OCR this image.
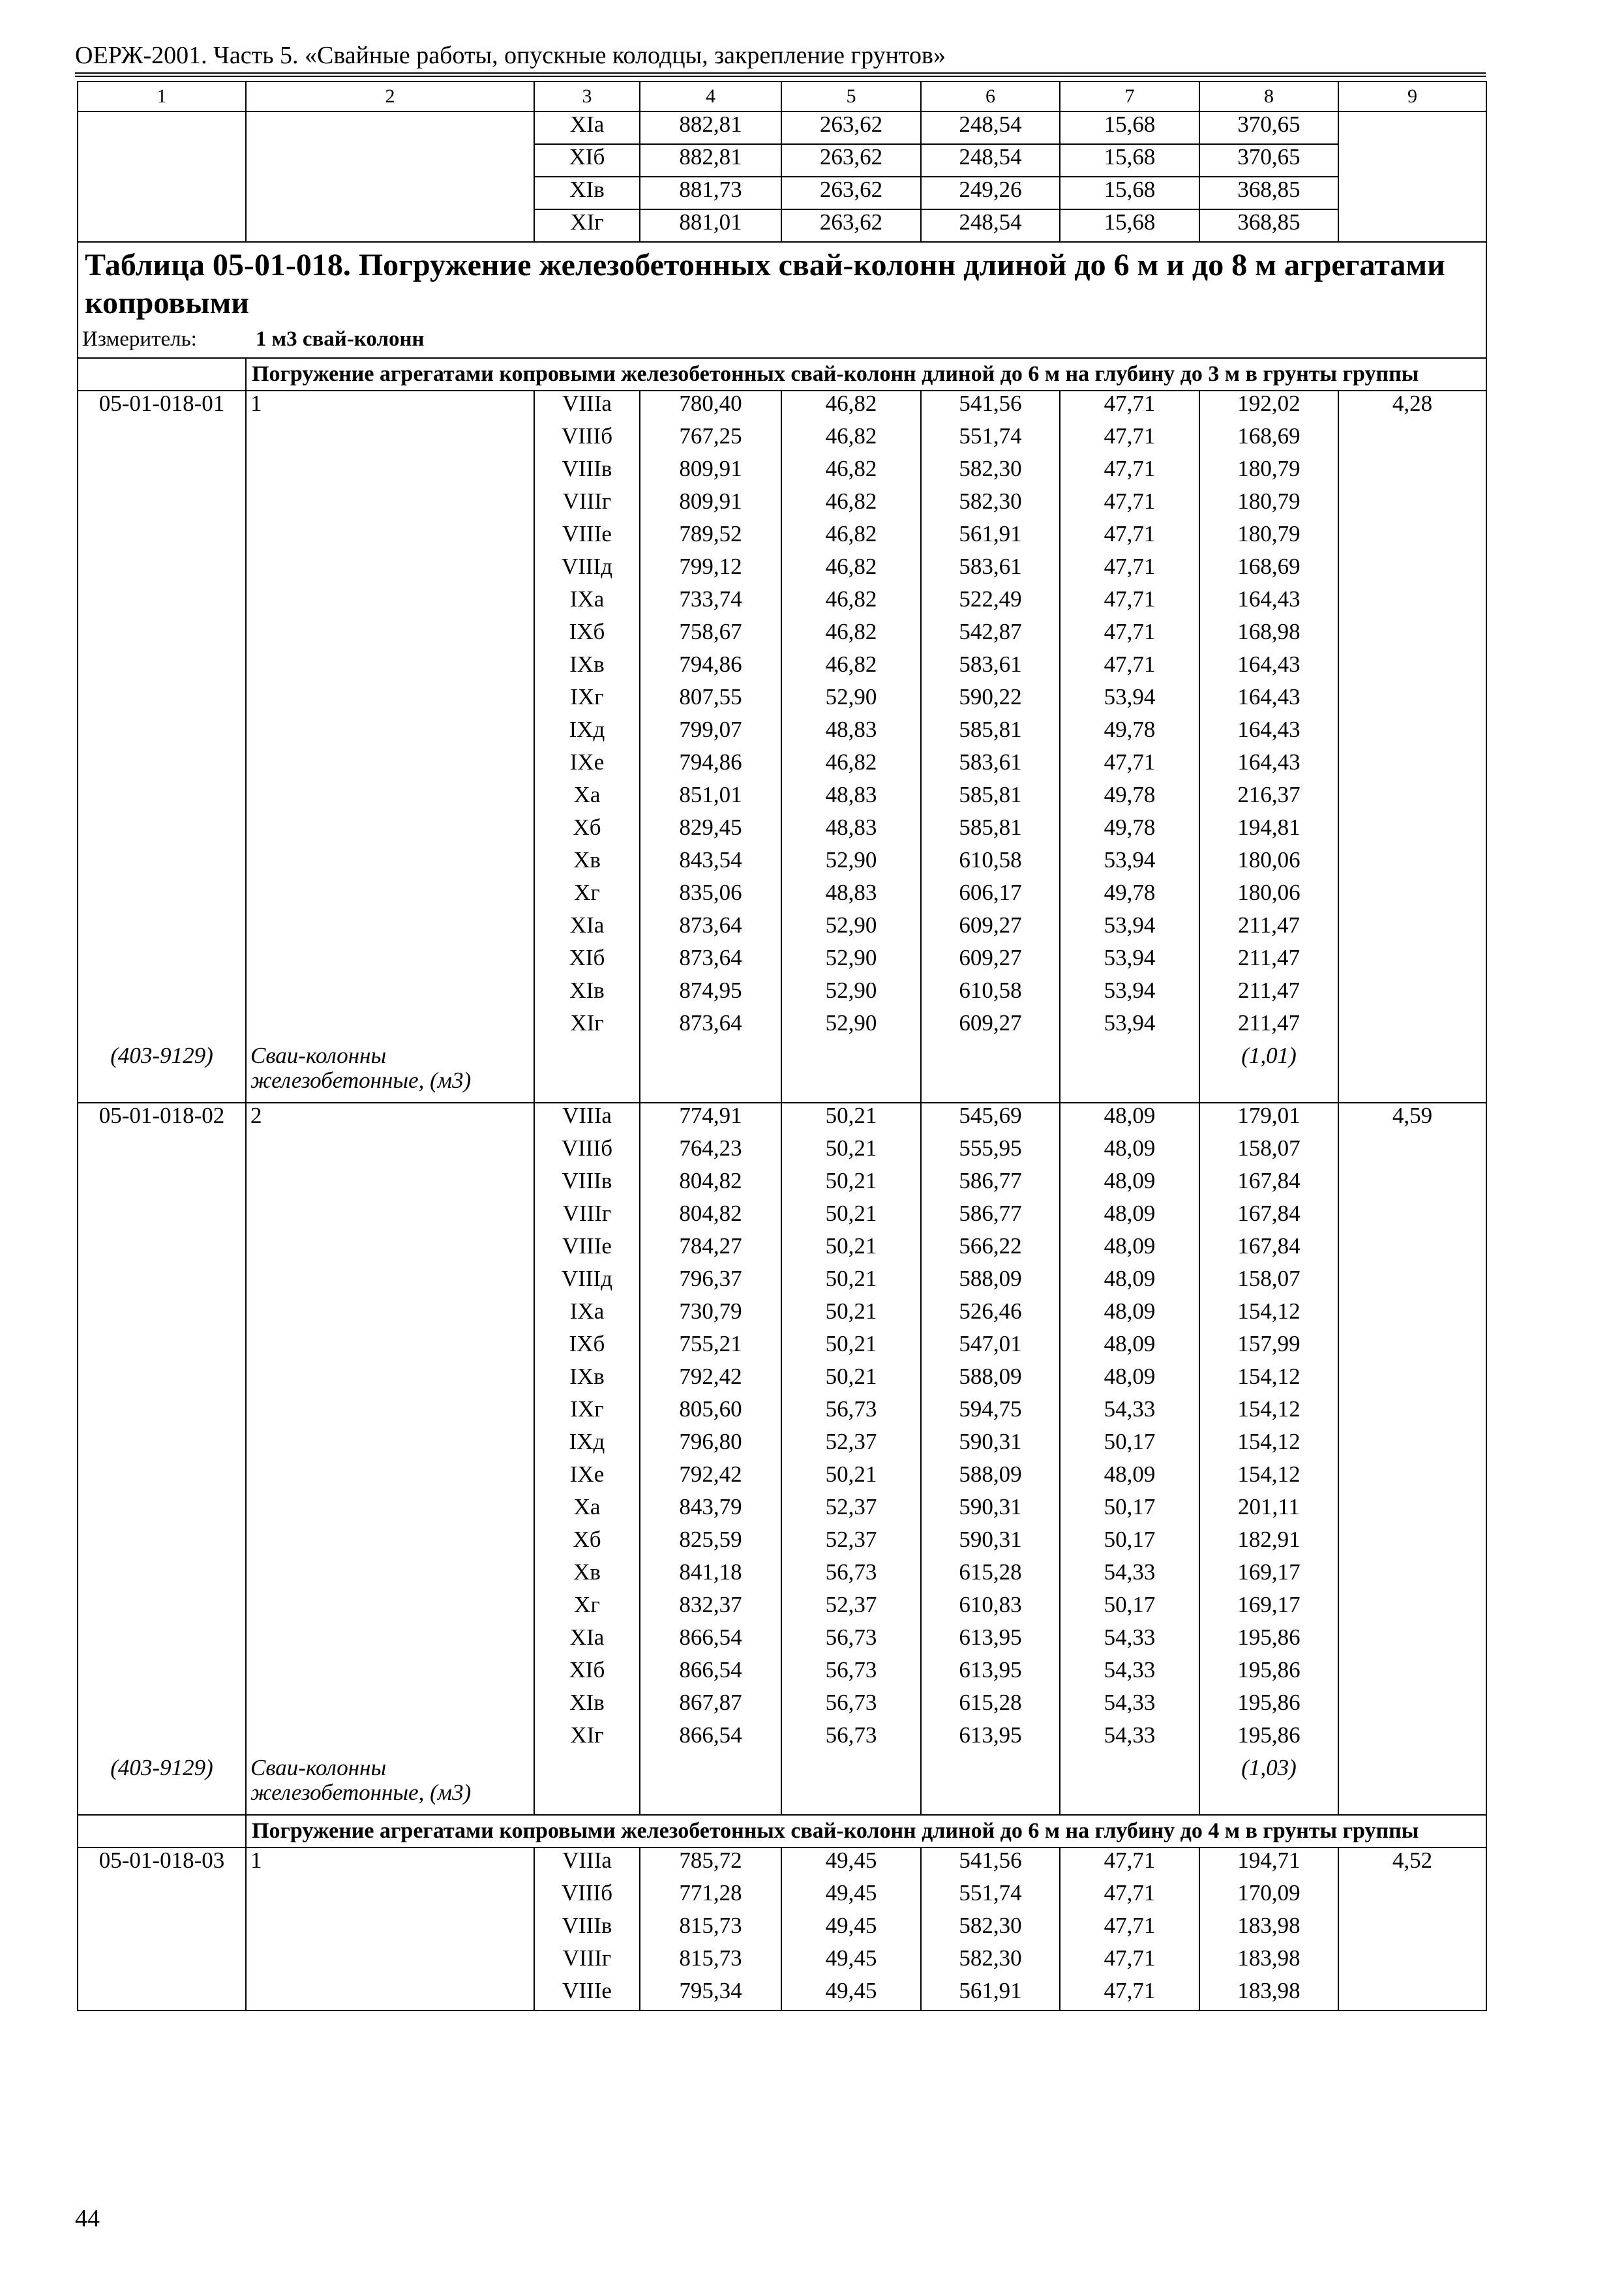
ОЕРЖ-2001. Часть 5. «Свайные работы, опускные колодцы, закрепление грунтов»
1	2	3	4	5	6	7	8	9
		XIa	882,81	263,62	248,54	15,68	370,65	
		XIб	882,81	263,62	248,54	15,68	370,65	
		XIв	881,73	263,62	249,26	15,68	368,85	
		XIг	881,01	263,62	248,54	15,68	368,85	
Таблица 05-01-018. Погружение железобетонных свай-колонн длиной до 6 м и до 8 м агрегатами копровыми								
Измеритель: 1 м3 свай-колонн								
	Погружение агрегатами копровыми железобетонных свай-колонн длиной до 6 м на глубину до 3 м в грунты группы							
05-01-018-01	1	VIIIa	780,40	46,82	541,56	47,71	192,02	4,28
		VIIIб	767,25	46,82	551,74	47,71	168,69	
		VIIIв	809,91	46,82	582,30	47,71	180,79	
		VIIIг	809,91	46,82	582,30	47,71	180,79	
		VIIIe	789,52	46,82	561,91	47,71	180,79	
		VIIIд	799,12	46,82	583,61	47,71	168,69	
		IXa	733,74	46,82	522,49	47,71	164,43	
		IXб	758,67	46,82	542,87	47,71	168,98	
		IXв	794,86	46,82	583,61	47,71	164,43	
		IXг	807,55	52,90	590,22	53,94	164,43	
		IXд	799,07	48,83	585,81	49,78	164,43	
		IXe	794,86	46,82	583,61	47,71	164,43	
		Xa	851,01	48,83	585,81	49,78	216,37	
		Xб	829,45	48,83	585,81	49,78	194,81	
		Xв	843,54	52,90	610,58	53,94	180,06	
		Xг	835,06	48,83	606,17	49,78	180,06	
		XIa	873,64	52,90	609,27	53,94	211,47	
		XIб	873,64	52,90	609,27	53,94	211,47	
		XIв	874,95	52,90	610,58	53,94	211,47	
		XIг	873,64	52,90	609,27	53,94	211,47	
(403-9129)	Сваи-колонны железобетонные, (м3)						(1,01)	
05-01-018-02	2	VIIIa	774,91	50,21	545,69	48,09	179,01	4,59
		VIIIб	764,23	50,21	555,95	48,09	158,07	
		VIIIв	804,82	50,21	586,77	48,09	167,84	
		VIIIг	804,82	50,21	586,77	48,09	167,84	
		VIIIe	784,27	50,21	566,22	48,09	167,84	
		VIIIд	796,37	50,21	588,09	48,09	158,07	
		IXa	730,79	50,21	526,46	48,09	154,12	
		IXб	755,21	50,21	547,01	48,09	157,99	
		IXв	792,42	50,21	588,09	48,09	154,12	
		IXг	805,60	56,73	594,75	54,33	154,12	
		IXд	796,80	52,37	590,31	50,17	154,12	
		IXe	792,42	50,21	588,09	48,09	154,12	
		Xa	843,79	52,37	590,31	50,17	201,11	
		Xб	825,59	52,37	590,31	50,17	182,91	
		Xв	841,18	56,73	615,28	54,33	169,17	
		Xг	832,37	52,37	610,83	50,17	169,17	
		XIa	866,54	56,73	613,95	54,33	195,86	
		XIб	866,54	56,73	613,95	54,33	195,86	
		XIв	867,87	56,73	615,28	54,33	195,86	
		XIг	866,54	56,73	613,95	54,33	195,86	
(403-9129)	Сваи-колонны железобетонные, (м3)						(1,03)	
	Погружение агрегатами копровыми железобетонных свай-колонн длиной до 6 м на глубину до 4 м в грунты группы							
05-01-018-03	1	VIIIa	785,72	49,45	541,56	47,71	194,71	4,52
		VIIIб	771,28	49,45	551,74	47,71	170,09	
		VIIIв	815,73	49,45	582,30	47,71	183,98	
		VIIIг	815,73	49,45	582,30	47,71	183,98	
		VIIIe	795,34	49,45	561,91	47,71	183,98	
44
